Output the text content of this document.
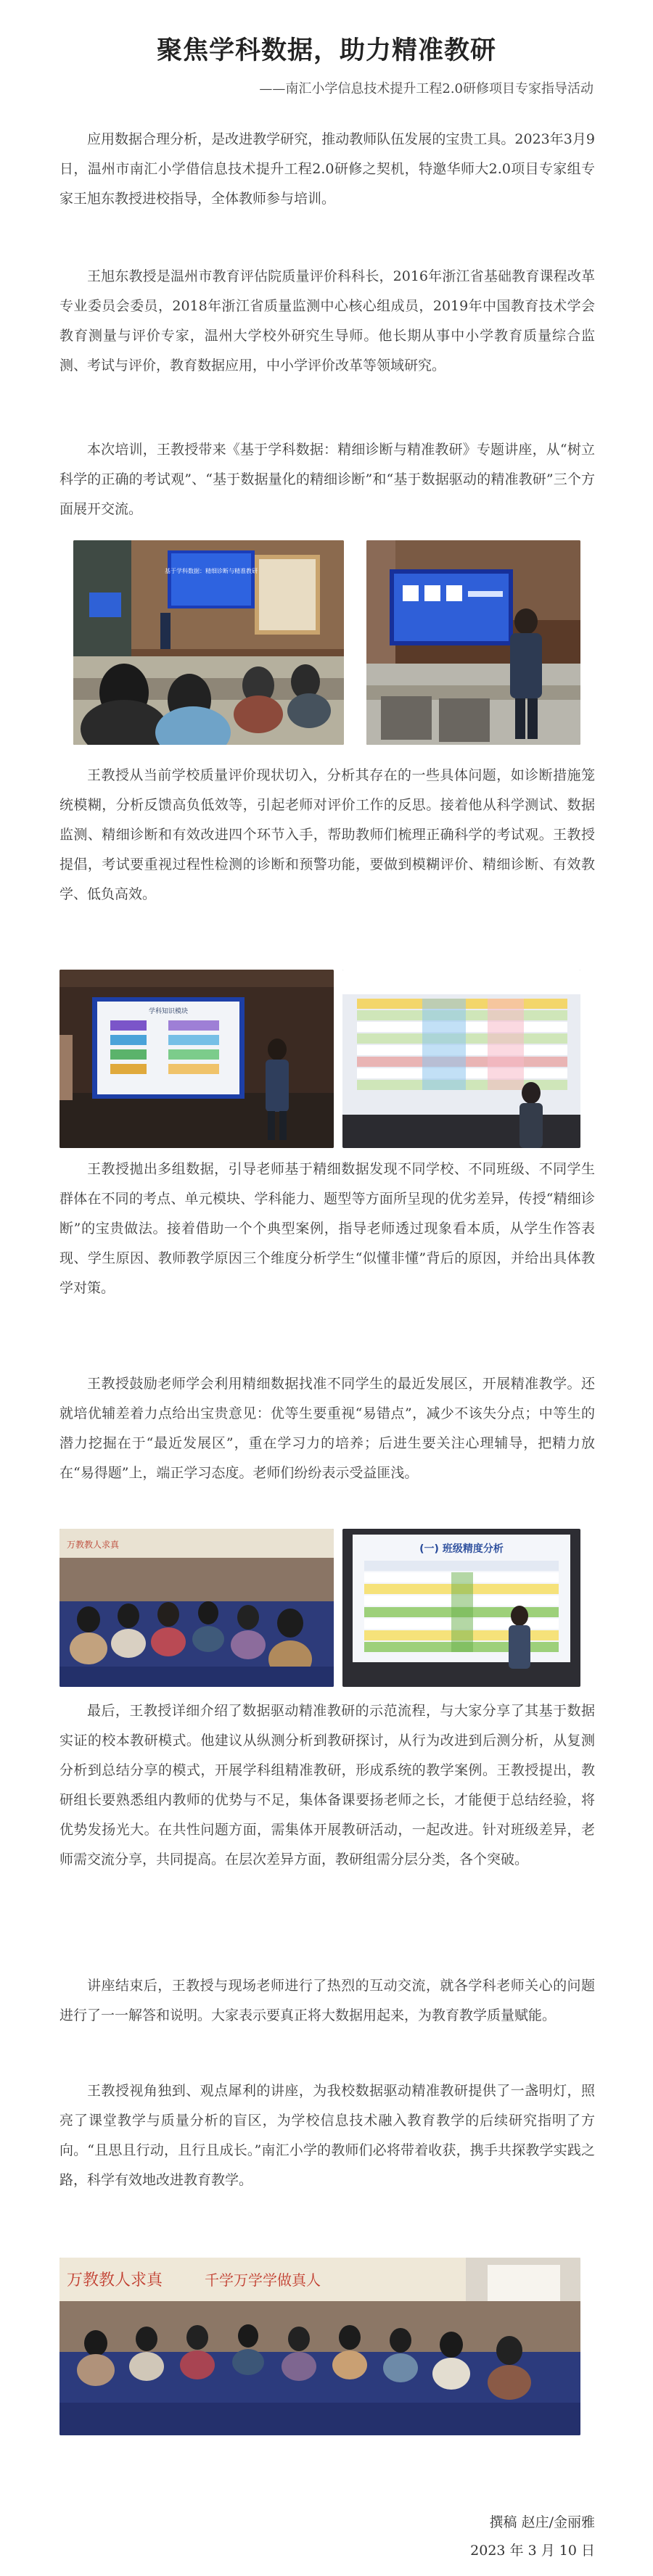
聚焦学科数据，助力精准教研
——南汇小学信息技术提升工程2.0研修项目专家指导活动

应用数据合理分析，是改进教学研究，推动教师队伍发展的宝贵工具。2023年3月9日，温州市南汇小学借信息技术提升工程2.0研修之契机，特邀华师大2.0项目专家组专家王旭东教授进校指导，全体教师参与培训。

王旭东教授是温州市教育评估院质量评价科科长，2016年浙江省基础教育课程改革专业委员会委员，2018年浙江省质量监测中心核心组成员，2019年中国教育技术学会教育测量与评价专家，温州大学校外研究生导师。他长期从事中小学教育质量综合监测、考试与评价，教育数据应用，中小学评价改革等领域研究。

本次培训，王教授带来《基于学科数据：精细诊断与精准教研》专题讲座，从“树立科学的正确的考试观”、“基于数据量化的精细诊断”和“基于数据驱动的精准教研”三个方面展开交流。

基于学科数据：精细诊断与精准教研

王教授从当前学校质量评价现状切入，分析其存在的一些具体问题，如诊断措施笼统模糊，分析反馈高负低效等，引起老师对评价工作的反思。接着他从科学测试、数据监测、精细诊断和有效改进四个环节入手，帮助教师们梳理正确科学的考试观。王教授提倡，考试要重视过程性检测的诊断和预警功能，要做到模糊评价、精细诊断、有效教学、低负高效。

学科知识模块

王教授拋出多组数据，引导老师基于精细数据发现不同学校、不同班级、不同学生群体在不同的考点、单元模块、学科能力、题型等方面所呈现的优劣差异，传授“精细诊断”的宝贵做法。接着借助一个个典型案例，指导老师透过现象看本质，从学生作答表现、学生原因、教师教学原因三个维度分析学生“似懂非懂”背后的原因，并给出具体教学对策。

王教授鼓励老师学会利用精细数据找准不同学生的最近发展区，开展精准教学。还就培优辅差着力点给出宝贵意见：优等生要重视“易错点”，减少不该失分点；中等生的潜力挖掘在于“最近发展区”，重在学习力的培养；后进生要关注心理辅导，把精力放在“易得题”上，端正学习态度。老师们纷纷表示受益匪浅。

万教教人求真	(一) 班级精度分析

最后，王教授详细介绍了数据驱动精准教研的示范流程，与大家分享了其基于数据实证的校本教研模式。他建议从纵测分析到教研探讨，从行为改进到后测分析，从复测分析到总结分享的模式，开展学科组精准教研，形成系统的教学案例。王教授提出，教研组长要熟悉组内教师的优势与不足，集体备课要扬老师之长，才能便于总结经验，将优势发扬光大。在共性问题方面，需集体开展教研活动，一起改进。针对班级差异，老师需交流分享，共同提高。在层次差异方面，教研组需分层分类，各个突破。

讲座结束后，王教授与现场老师进行了热烈的互动交流，就各学科老师关心的问题进行了一一解答和说明。大家表示要真正将大数据用起来，为教育教学质量赋能。

王教授视角独到、观点犀利的讲座，为我校数据驱动精准教研提供了一盏明灯，照亮了课堂教学与质量分析的盲区，为学校信息技术融入教育教学的后续研究指明了方向。“且思且行动，且行且成长。”南汇小学的教师们必将带着收获，携手共探教学实践之路，科学有效地改进教育教学。

万教教人求真	千学万学学做真人
撰稿 赵庄/金丽雅
2023 年 3 月 10 日
